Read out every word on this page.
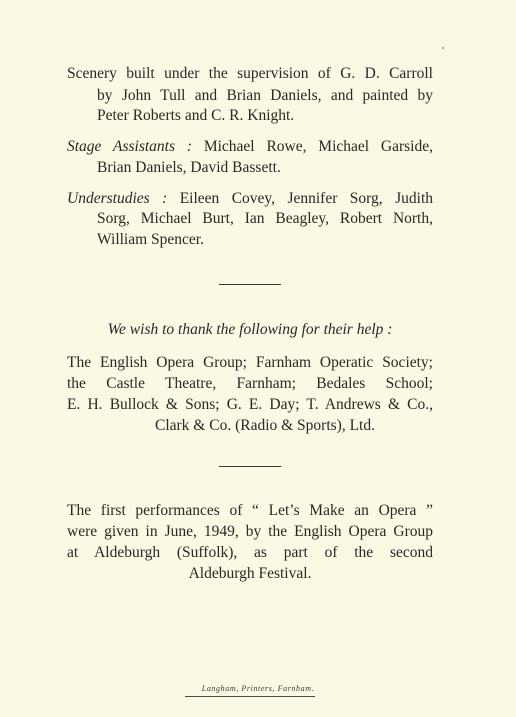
Scenery built under the supervision of G. D. Carroll
by John Tull and Brian Daniels, and painted by
Peter Roberts and C. R. Knight.
Stage Assistants : Michael Rowe, Michael Garside,
Brian Daniels, David Bassett.
Understudies : Eileen Covey, Jennifer Sorg, Judith
Sorg, Michael Burt, Ian Beagley, Robert North,
William Spencer.
We wish to thank the following for their help :
The English Opera Group; Farnham Operatic Society;
the Castle Theatre, Farnham; Bedales School;
E. H. Bullock & Sons; G. E. Day; T. Andrews & Co.,
Clark & Co. (Radio & Sports), Ltd.
The first performances of “ Let’s Make an Opera ”
were given in June, 1949, by the English Opera Group
at Aldeburgh (Suffolk), as part of the second
Aldeburgh Festival.
Langham, Printers, Farnham.
